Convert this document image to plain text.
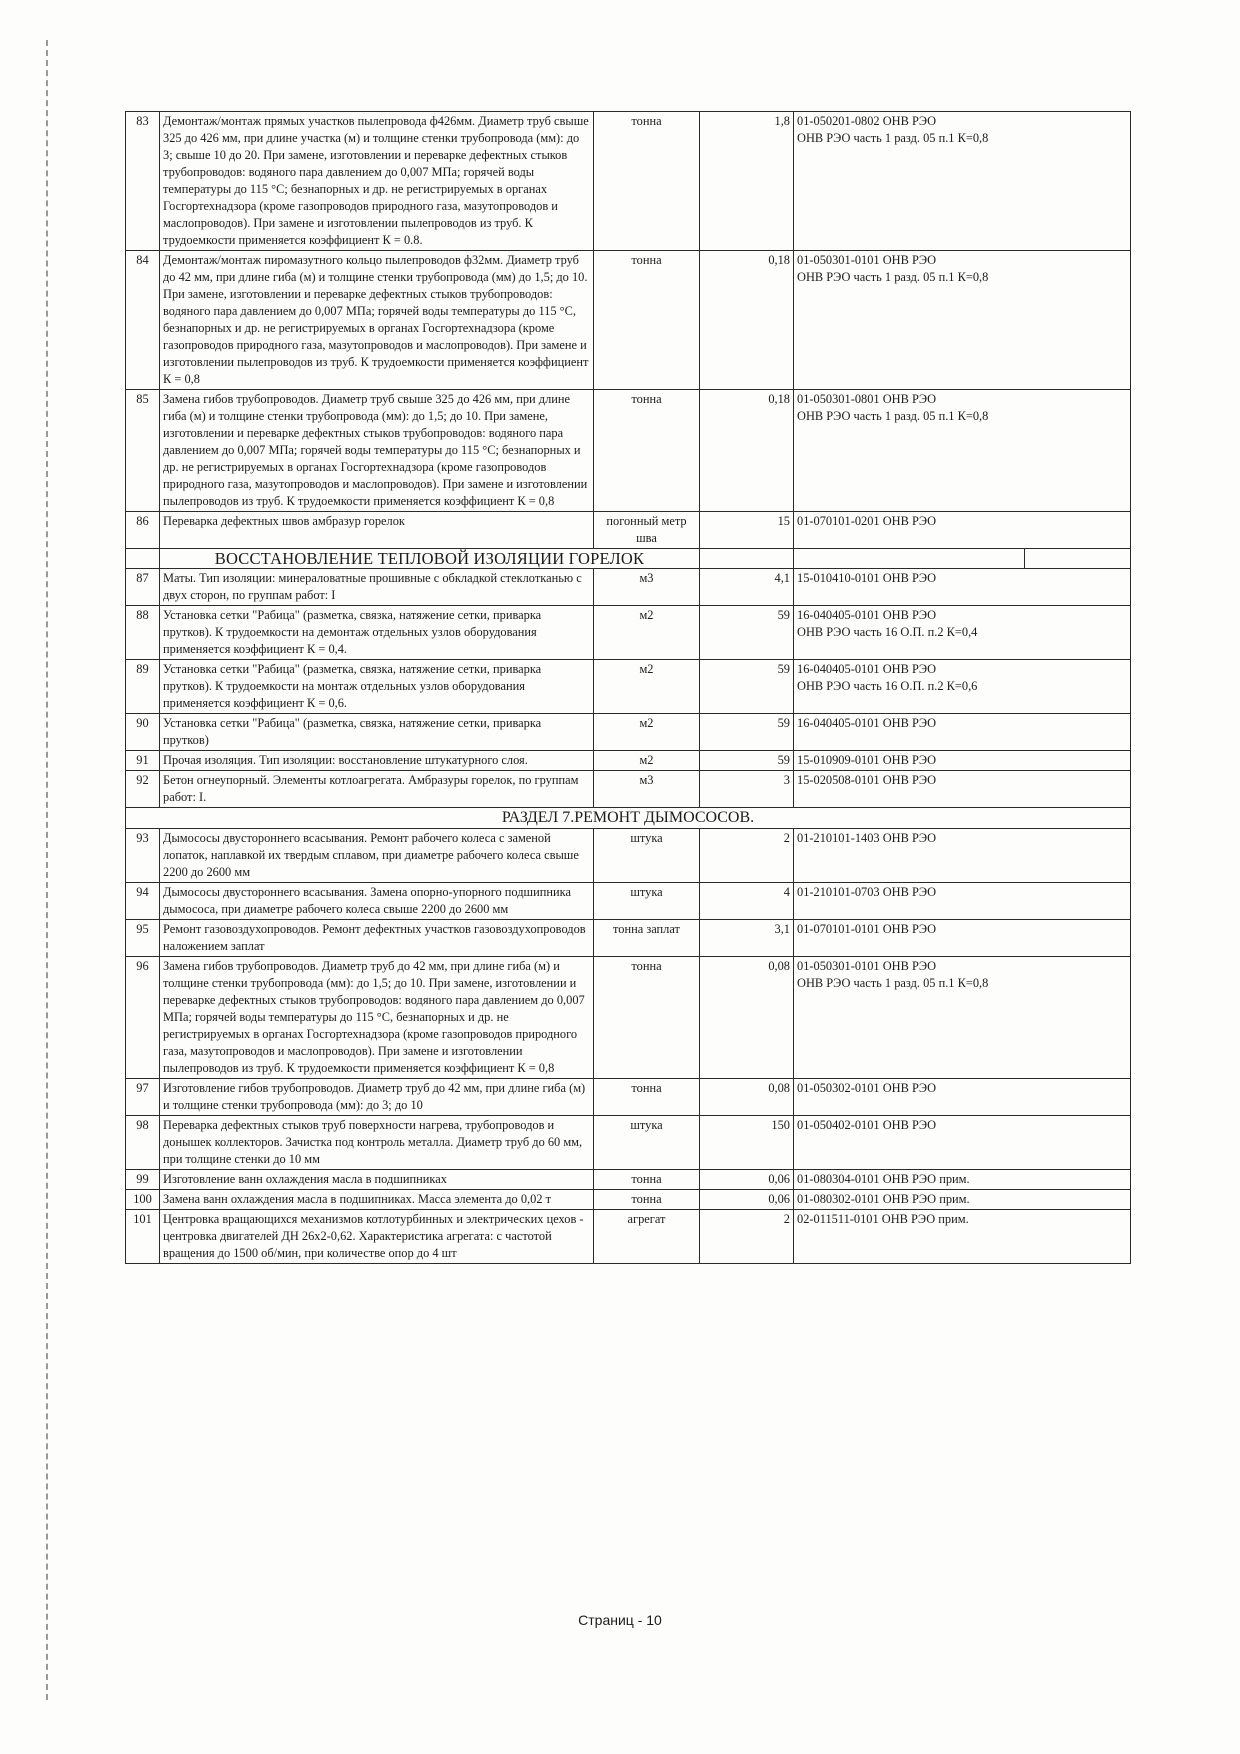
83	Демонтаж/монтаж прямых участков пылепровода ф426мм. Диаметр труб свыше 325 до 426 мм, при длине участка (м) и толщине стенки трубопровода (мм): до 3; свыше 10 до 20. При замене, изготовлении и переварке дефектных стыков трубопроводов: водяного пара давлением до 0,007 МПа; горячей воды температуры до 115 °С; безнапорных и др. не регистрируемых в органах Госгортехнадзора (кроме газопроводов природного газа, мазутопроводов и маслопроводов). При замене и изготовлении пылепроводов из труб. К трудоемкости применяется коэффициент К = 0.8.	тонна	1,8	01-050201-0802 ОНВ РЭО
ОНВ РЭО часть 1 разд. 05 п.1 К=0,8	

84	Демонтаж/монтаж пиромазутного кольцо пылепроводов ф32мм. Диаметр труб до 42 мм, при длине гиба (м) и толщине стенки трубопровода (мм) до 1,5; до 10. При замене, изготовлении и переварке дефектных стыков трубопроводов: водяного пара давлением до 0,007 МПа; горячей воды температуры до 115 °С, безнапорных и др. не регистрируемых в органах Госгортехнадзора (кроме газопроводов природного газа, мазутопроводов и маслопроводов). При замене и изготовлении пылепроводов из труб. К трудоемкости применяется коэффициент К = 0,8	тонна	0,18	01-050301-0101 ОНВ РЭО
ОНВ РЭО часть 1 разд. 05 п.1 К=0,8	

85	Замена гибов трубопроводов. Диаметр труб свыше 325 до 426 мм, при длине гиба (м) и толщине стенки трубопровода (мм): до 1,5; до 10. При замене, изготовлении и переварке дефектных стыков трубопроводов: водяного пара давлением до 0,007 МПа; горячей воды температуры до 115 °С; безнапорных и др. не регистрируемых в органах Госгортехнадзора (кроме газопроводов природного газа, мазутопроводов и маслопроводов). При замене и изготовлении пылепроводов из труб. К трудоемкости применяется коэффициент К = 0,8	тонна	0,18	01-050301-0801 ОНВ РЭО
ОНВ РЭО часть 1 разд. 05 п.1 К=0,8	

86	Переварка дефектных швов амбразур горелок	погонный метр шва	15	01-070101-0201 ОНВ РЭО	

	ВОССТАНОВЛЕНИЕ ТЕПЛОВОЙ ИЗОЛЯЦИИ ГОРЕЛОК				
87	Маты. Тип изоляции: минераловатные прошивные с обкладкой стеклотканью с двух сторон, по группам работ: I	м3	4,1	15-010410-0101 ОНВ РЭО	

88	Установка сетки "Рабица" (разметка, связка, натяжение сетки, приварка прутков). К трудоемкости на демонтаж отдельных узлов оборудования применяется коэффициент К = 0,4.	м2	59	16-040405-0101 ОНВ РЭО
ОНВ РЭО часть 16 О.П. п.2 К=0,4	

89	Установка сетки "Рабица" (разметка, связка, натяжение сетки, приварка прутков). К трудоемкости на монтаж отдельных узлов оборудования применяется коэффициент К = 0,6.	м2	59	16-040405-0101 ОНВ РЭО
ОНВ РЭО часть 16 О.П. п.2 К=0,6	

90	Установка сетки "Рабица" (разметка, связка, натяжение сетки, приварка прутков)	м2	59	16-040405-0101 ОНВ РЭО	

91	Прочая изоляция. Тип изоляции: восстановление штукатурного слоя.	м2	59	15-010909-0101 ОНВ РЭО	

92	Бетон огнеупорный. Элементы котлоагрегата. Амбразуры горелок, по группам работ: I.	м3	3	15-020508-0101 ОНВ РЭО	

РАЗДЕЛ 7.РЕМОНТ ДЫМОСОСОВ.					
93	Дымососы двустороннего всасывания. Ремонт рабочего колеса с заменой лопаток, наплавкой их твердым сплавом, при диаметре рабочего колеса свыше 2200 до 2600 мм	штука	2	01-210101-1403 ОНВ РЭО	

94	Дымососы двустороннего всасывания. Замена опорно-упорного подшипника дымососа, при диаметре рабочего колеса свыше 2200 до 2600 мм	штука	4	01-210101-0703 ОНВ РЭО	

95	Ремонт газовоздухопроводов. Ремонт дефектных участков газовоздухопроводов наложением заплат	тонна заплат	3,1	01-070101-0101 ОНВ РЭО	

96	Замена гибов трубопроводов. Диаметр труб до 42 мм, при длине гиба (м) и толщине стенки трубопровода (мм): до 1,5; до 10. При замене, изготовлении и переварке дефектных стыков трубопроводов: водяного пара давлением до 0,007 МПа; горячей воды температуры до 115 °С, безнапорных и др. не регистрируемых в органах Госгортехнадзора (кроме газопроводов природного газа, мазутопроводов и маслопроводов). При замене и изготовлении пылепроводов из труб. К трудоемкости применяется коэффициент К = 0,8	тонна	0,08	01-050301-0101 ОНВ РЭО
ОНВ РЭО часть 1 разд. 05 п.1 К=0,8	

97	Изготовление гибов трубопроводов. Диаметр труб до 42 мм, при длине гиба (м) и толщине стенки трубопровода (мм): до 3; до 10	тонна	0,08	01-050302-0101 ОНВ РЭО	

98	Переварка дефектных стыков труб поверхности нагрева, трубопроводов и донышек коллекторов. Зачистка под контроль металла. Диаметр труб до 60 мм, при толщине стенки до 10 мм	штука	150	01-050402-0101 ОНВ РЭО	

99	Изготовление ванн охлаждения масла в подшипниках	тонна	0,06	01-080304-0101 ОНВ РЭО прим.	

100	Замена ванн охлаждения масла в подшипниках. Масса элемента до 0,02 т	тонна	0,06	01-080302-0101 ОНВ РЭО прим.	

101	Центровка вращающихся механизмов котлотурбинных и электрических цехов - центровка двигателей ДН 26х2-0,62. Характеристика агрегата: с частотой вращения до 1500 об/мин, при количестве опор до 4 шт	агрегат	2	02-011511-0101 ОНВ РЭО прим.	
Страниц - 10
